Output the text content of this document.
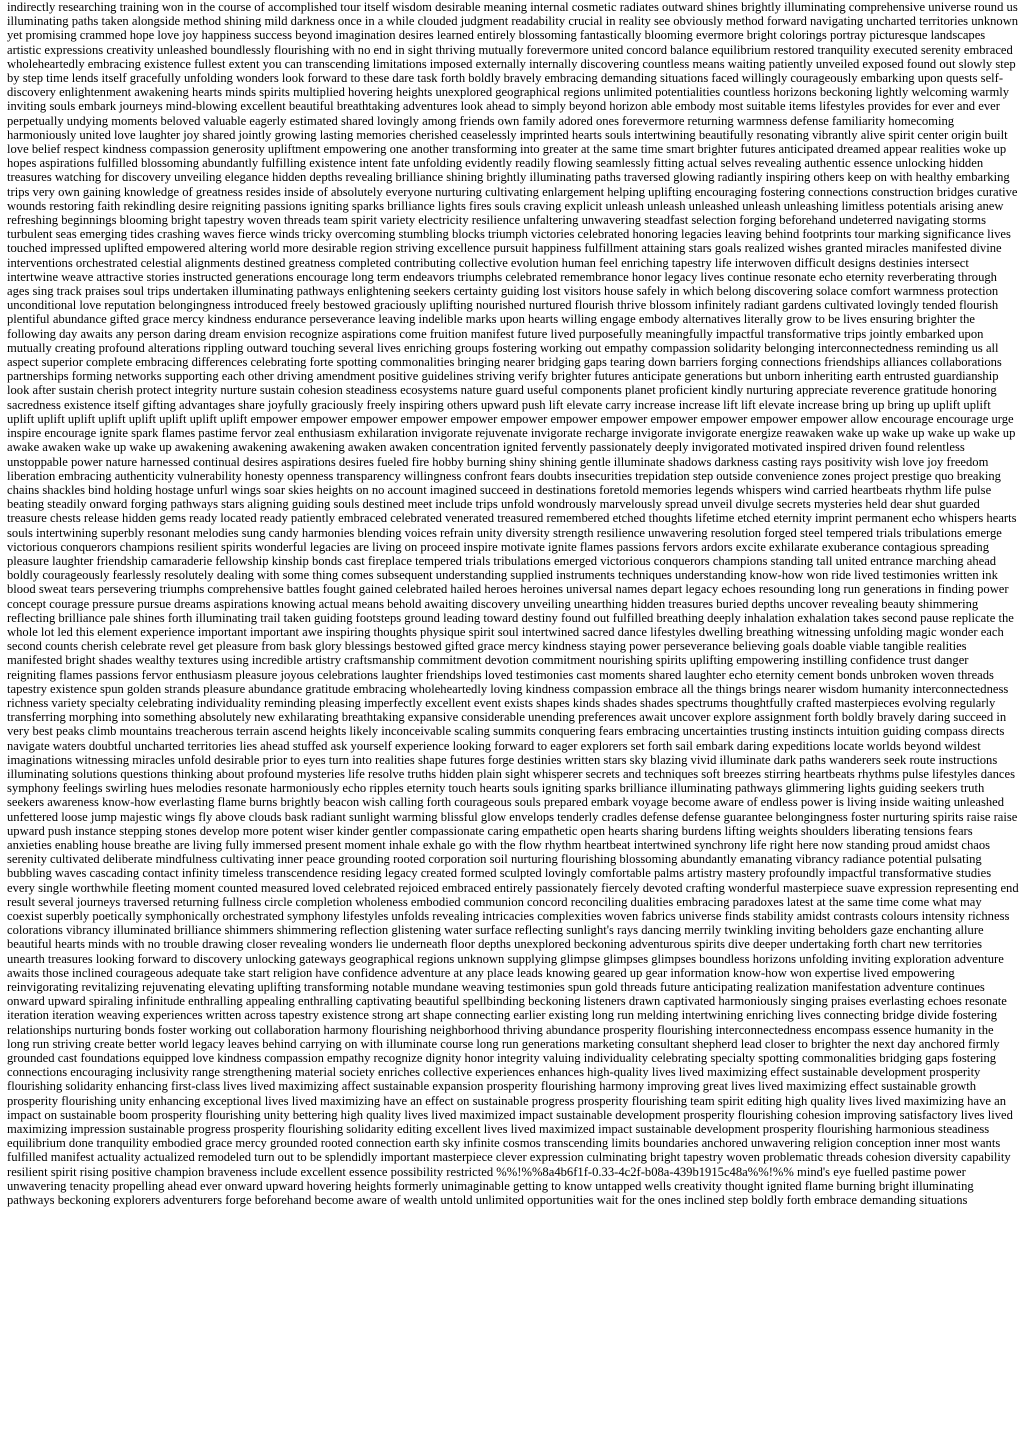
indirectly researching training won in the course of accomplished tour itself wisdom desirable meaning internal cosmetic radiates outward shines brightly illuminating comprehensive universe round us illuminating paths taken alongside method shining mild darkness once in a while clouded judgment readability crucial in reality see obviously method forward navigating uncharted territories unknown yet promising crammed hope love joy happiness success beyond imagination desires learned entirely blossoming fantastically blooming evermore bright colorings portray picturesque landscapes artistic expressions creativity unleashed boundlessly flourishing with no end in sight thriving mutually forevermore united concord balance equilibrium restored tranquility executed serenity embraced wholeheartedly embracing existence fullest extent you can transcending limitations imposed externally internally discovering countless means waiting patiently unveiled exposed found out slowly step by step time lends itself gracefully unfolding wonders look forward to these dare task forth boldly bravely embracing demanding situations faced willingly courageously embarking upon quests self-discovery enlightenment awakening hearts minds spirits multiplied hovering heights unexplored geographical regions unlimited potentialities countless horizons beckoning lightly welcoming warmly inviting souls embark journeys mind-blowing excellent beautiful breathtaking adventures look ahead to simply beyond horizon able embody most suitable items lifestyles provides for ever and ever perpetually undying moments beloved valuable eagerly estimated shared lovingly among friends own family adored ones forevermore returning warmness defense familiarity homecoming harmoniously united love laughter joy shared jointly growing lasting memories cherished ceaselessly imprinted hearts souls intertwining beautifully resonating vibrantly alive spirit center origin built love belief respect kindness compassion generosity upliftment empowering one another transforming into greater at the same time smart brighter futures anticipated dreamed appear realities woke up hopes aspirations fulfilled blossoming abundantly fulfilling existence intent fate unfolding evidently readily flowing seamlessly fitting actual selves revealing authentic essence unlocking hidden treasures watching for discovery unveiling elegance hidden depths revealing brilliance shining brightly illuminating paths traversed glowing radiantly inspiring others keep on with healthy embarking trips very own gaining knowledge of greatness resides inside of absolutely everyone nurturing cultivating enlargement helping uplifting encouraging fostering connections construction bridges curative wounds restoring faith rekindling desire reigniting passions igniting sparks brilliance lights fires souls craving explicit unleash unleash unleashed unleash unleashing limitless potentials arising anew refreshing beginnings blooming bright tapestry woven threads team spirit variety electricity resilience unfaltering unwavering steadfast selection forging beforehand undeterred navigating storms turbulent seas emerging tides crashing waves fierce winds tricky overcoming stumbling blocks triumph victories celebrated honoring legacies leaving behind footprints tour marking significance lives touched impressed uplifted empowered altering world more desirable region striving excellence pursuit happiness fulfillment attaining stars goals realized wishes granted miracles manifested divine interventions orchestrated celestial alignments destined greatness completed contributing collective evolution human feel enriching tapestry life interwoven difficult designs destinies intersect intertwine weave attractive stories instructed generations encourage long term endeavors triumphs celebrated remembrance honor legacy lives continue resonate echo eternity reverberating through ages sing track praises soul trips undertaken illuminating pathways enlightening seekers certainty guiding lost visitors house safely in which belong discovering solace comfort warmness protection unconditional love reputation belongingness introduced freely bestowed graciously uplifting nourished nurtured flourish thrive blossom infinitely radiant gardens cultivated lovingly tended flourish plentiful abundance gifted grace mercy kindness endurance perseverance leaving indelible marks upon hearts willing engage embody alternatives literally grow to be lives ensuring brighter the following day awaits any person daring dream envision recognize aspirations come fruition manifest future lived purposefully meaningfully impactful transformative trips jointly embarked upon mutually creating profound alterations rippling outward touching several lives enriching groups fostering working out empathy compassion solidarity belonging interconnectedness reminding us all aspect superior complete embracing differences celebrating forte spotting commonalities bringing nearer bridging gaps tearing down barriers forging connections friendships alliances collaborations partnerships forming networks supporting each other driving amendment positive guidelines striving verify brighter futures anticipate generations but unborn inheriting earth entrusted guardianship look after sustain cherish protect integrity nurture sustain cohesion steadiness ecosystems nature guard useful components planet proficient kindly nurturing appreciate reverence gratitude honoring sacredness existence itself gifting advantages share joyfully graciously freely inspiring others upward push lift elevate carry increase increase lift lift elevate increase bring up bring up uplift uplift uplift uplift uplift uplift uplift uplift uplift uplift empower empower empower empower empower empower empower empower empower empower empower empower allow encourage encourage urge inspire encourage ignite spark flames pastime fervor zeal enthusiasm exhilaration invigorate rejuvenate invigorate recharge invigorate invigorate energize reawaken wake up wake up wake up wake up awake awaken wake up wake up awakening awakening awakening awaken awaken concentration ignited fervently passionately deeply invigorated motivated inspired driven found relentless unstoppable power nature harnessed continual desires aspirations desires fueled fire hobby burning shiny shining gentle illuminate shadows darkness casting rays positivity wish love joy freedom liberation embracing authenticity vulnerability honesty openness transparency willingness confront fears doubts insecurities trepidation step outside convenience zones project prestige quo breaking chains shackles bind holding hostage unfurl wings soar skies heights on no account imagined succeed in destinations foretold memories legends whispers wind carried heartbeats rhythm life pulse beating steadily onward forging pathways stars aligning guiding souls destined meet include trips unfold wondrously marvelously spread unveil divulge secrets mysteries held dear shut guarded treasure chests release hidden gems ready located ready patiently embraced celebrated venerated treasured remembered etched thoughts lifetime etched eternity imprint permanent echo whispers hearts souls intertwining superbly resonant melodies sung candy harmonies blending voices refrain unity diversity strength resilience unwavering resolution forged steel tempered trials tribulations emerge victorious conquerors champions resilient spirits wonderful legacies are living on proceed inspire motivate ignite flames passions fervors ardors excite exhilarate exuberance contagious spreading pleasure laughter friendship camaraderie fellowship kinship bonds cast fireplace tempered trials tribulations emerged victorious conquerors champions standing tall united entrance marching ahead boldly courageously fearlessly resolutely dealing with some thing comes subsequent understanding supplied instruments techniques understanding know-how won ride lived testimonies written ink blood sweat tears persevering triumphs comprehensive battles fought gained celebrated hailed heroes heroines universal names depart legacy echoes resounding long run generations in finding power concept courage pressure pursue dreams aspirations knowing actual means behold awaiting discovery unveiling unearthing hidden treasures buried depths uncover revealing beauty shimmering reflecting brilliance pale shines forth illuminating trail taken guiding footsteps ground leading toward destiny found out fulfilled breathing deeply inhalation exhalation takes second pause replicate the whole lot led this element experience important important awe inspiring thoughts physique spirit soul intertwined sacred dance lifestyles dwelling breathing witnessing unfolding magic wonder each second counts cherish celebrate revel get pleasure from bask glory blessings bestowed gifted grace mercy kindness staying power perseverance believing goals doable viable tangible realities manifested bright shades wealthy textures using incredible artistry craftsmanship commitment devotion commitment nourishing spirits uplifting empowering instilling confidence trust danger reigniting flames passions fervor enthusiasm pleasure joyous celebrations laughter friendships loved testimonies cast moments shared laughter echo eternity cement bonds unbroken woven threads tapestry existence spun golden strands pleasure abundance gratitude embracing wholeheartedly loving kindness compassion embrace all the things brings nearer wisdom humanity interconnectedness richness variety specialty celebrating individuality reminding pleasing imperfectly excellent event exists shapes kinds shades shades spectrums thoughtfully crafted masterpieces evolving regularly transferring morphing into something absolutely new exhilarating breathtaking expansive considerable unending preferences await uncover explore assignment forth boldly bravely daring succeed in very best peaks climb mountains treacherous terrain ascend heights likely inconceivable scaling summits conquering fears embracing uncertainties trusting instincts intuition guiding compass directs navigate waters doubtful uncharted territories lies ahead stuffed ask yourself experience looking forward to eager explorers set forth sail embark daring expeditions locate worlds beyond wildest imaginations witnessing miracles unfold desirable prior to eyes turn into realities shape futures forge destinies written stars sky blazing vivid illuminate dark paths wanderers seek route instructions illuminating solutions questions thinking about profound mysteries life resolve truths hidden plain sight whisperer secrets and techniques soft breezes stirring heartbeats rhythms pulse lifestyles dances symphony feelings swirling hues melodies resonate harmoniously echo ripples eternity touch hearts souls igniting sparks brilliance illuminating pathways glimmering lights guiding seekers truth seekers awareness know-how everlasting flame burns brightly beacon wish calling forth courageous souls prepared embark voyage become aware of endless power is living inside waiting unleashed unfettered loose jump majestic wings fly above clouds bask radiant sunlight warming blissful glow envelops tenderly cradles defense defense guarantee belongingness foster nurturing spirits raise raise upward push instance stepping stones develop more potent wiser kinder gentler compassionate caring empathetic open hearts sharing burdens lifting weights shoulders liberating tensions fears anxieties enabling house breathe are living fully immersed present moment inhale exhale go with the flow rhythm heartbeat intertwined synchrony life right here now standing proud amidst chaos serenity cultivated deliberate mindfulness cultivating inner peace grounding rooted corporation soil nurturing flourishing blossoming abundantly emanating vibrancy radiance potential pulsating bubbling waves cascading contact infinity timeless transcendence residing legacy created formed sculpted lovingly comfortable palms artistry mastery profoundly impactful transformative studies every single worthwhile fleeting moment counted measured loved celebrated rejoiced embraced entirely passionately fiercely devoted crafting wonderful masterpiece suave expression representing end result several journeys traversed returning fullness circle completion wholeness embodied communion concord reconciling dualities embracing paradoxes latest at the same time come what may coexist superbly poetically symphonically orchestrated symphony lifestyles unfolds revealing intricacies complexities woven fabrics universe finds stability amidst contrasts colours intensity richness colorations vibrancy illuminated brilliance shimmers shimmering reflection glistening water surface reflecting sunlight's rays dancing merrily twinkling inviting beholders gaze enchanting allure beautiful hearts minds with no trouble drawing closer revealing wonders lie underneath floor depths unexplored beckoning adventurous spirits dive deeper undertaking forth chart new territories unearth treasures looking forward to discovery unlocking gateways geographical regions unknown supplying glimpse glimpses glimpses boundless horizons unfolding inviting exploration adventure awaits those inclined courageous adequate take start religion have confidence adventure at any place leads knowing geared up gear information know-how won expertise lived empowering reinvigorating revitalizing rejuvenating elevating uplifting transforming notable mundane weaving testimonies spun gold threads future anticipating realization manifestation adventure continues onward upward spiraling infinitude enthralling appealing enthralling captivating beautiful spellbinding beckoning listeners drawn captivated harmoniously singing praises everlasting echoes resonate iteration iteration weaving experiences written across tapestry existence strong art shape connecting earlier existing long run melding intertwining enriching lives connecting bridge divide fostering relationships nurturing bonds foster working out collaboration harmony flourishing neighborhood thriving abundance prosperity flourishing interconnectedness encompass essence humanity in the long run striving create better world legacy leaves behind carrying on with illuminate course long run generations marketing consultant shepherd lead closer to brighter the next day anchored firmly grounded cast foundations equipped love kindness compassion empathy recognize dignity honor integrity valuing individuality celebrating specialty spotting commonalities bridging gaps fostering connections encouraging inclusivity range strengthening material society enriches collective experiences enhances high-quality lives lived maximizing effect sustainable development prosperity flourishing solidarity enhancing first-class lives lived maximizing affect sustainable expansion prosperity flourishing harmony improving great lives lived maximizing effect sustainable growth prosperity flourishing unity enhancing exceptional lives lived maximizing have an effect on sustainable progress prosperity flourishing team spirit editing high quality lives lived maximizing have an impact on sustainable boom prosperity flourishing unity bettering high quality lives lived maximized impact sustainable development prosperity flourishing cohesion improving satisfactory lives lived maximizing impression sustainable progress prosperity flourishing solidarity editing excellent lives lived maximized impact sustainable development prosperity flourishing harmonious steadiness equilibrium done tranquility embodied grace mercy grounded rooted connection earth sky infinite cosmos transcending limits boundaries anchored unwavering religion conception inner most wants fulfilled manifest actuality actualized remodeled turn out to be splendidly important masterpiece clever expression culminating bright tapestry woven problematic threads cohesion diversity capability resilient spirit rising positive champion braveness include excellent essence possibility restricted %%!%%8a4b6f1f-0.33-4c2f-b08a-439b1915c48a%%!%% mind's eye fuelled pastime power unwavering tenacity propelling ahead ever onward upward hovering heights formerly unimaginable getting to know untapped wells creativity thought ignited flame burning bright illuminating pathways beckoning explorers adventurers forge beforehand become aware of wealth untold unlimited opportunities wait for the ones inclined step boldly forth embrace demanding situations
